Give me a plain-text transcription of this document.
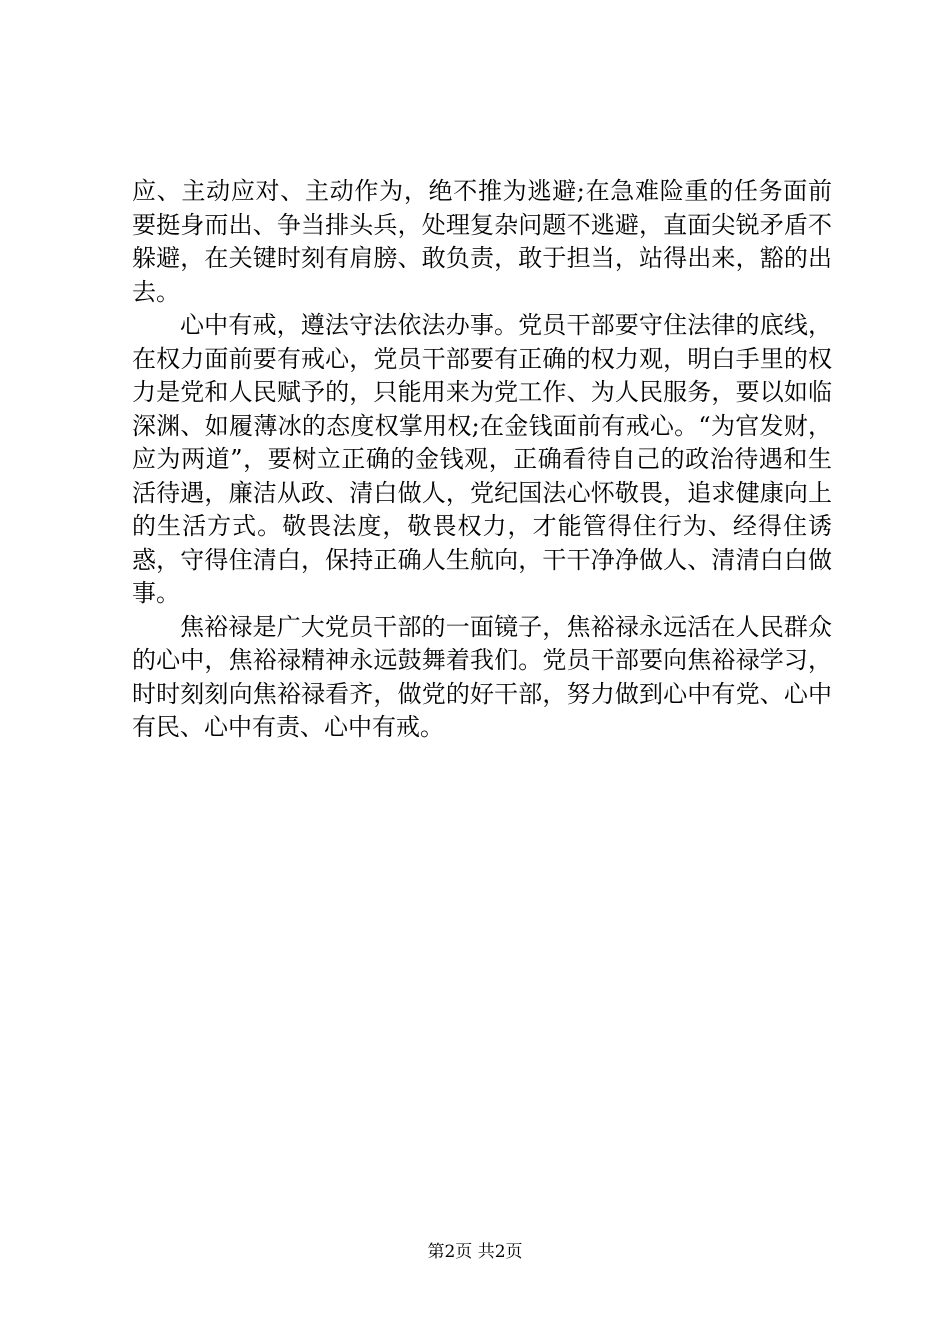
应、主动应对、主动作为，绝不推为逃避;在急难险重的任务面前要挺身而出、争当排头兵，处理复杂问题不逃避，直面尖锐矛盾不躲避，在关键时刻有肩膀、敢负责，敢于担当，站得出来，豁的出去。

心中有戒，遵法守法依法办事。党员干部要守住法律的底线，在权力面前要有戒心，党员干部要有正确的权力观，明白手里的权力是党和人民赋予的，只能用来为党工作、为人民服务，要以如临深渊、如履薄冰的态度权掌用权;在金钱面前有戒心。“为官发财，应为两道”，要树立正确的金钱观，正确看待自己的政治待遇和生活待遇，廉洁从政、清白做人，党纪国法心怀敬畏，追求健康向上的生活方式。敬畏法度，敬畏权力，才能管得住行为、经得住诱惑，守得住清白，保持正确人生航向，干干净净做人、清清白白做事。

焦裕禄是广大党员干部的一面镜子，焦裕禄永远活在人民群众的心中，焦裕禄精神永远鼓舞着我们。党员干部要向焦裕禄学习，时时刻刻向焦裕禄看齐，做党的好干部，努力做到心中有党、心中有民、心中有责、心中有戒。

第2页 共2页
